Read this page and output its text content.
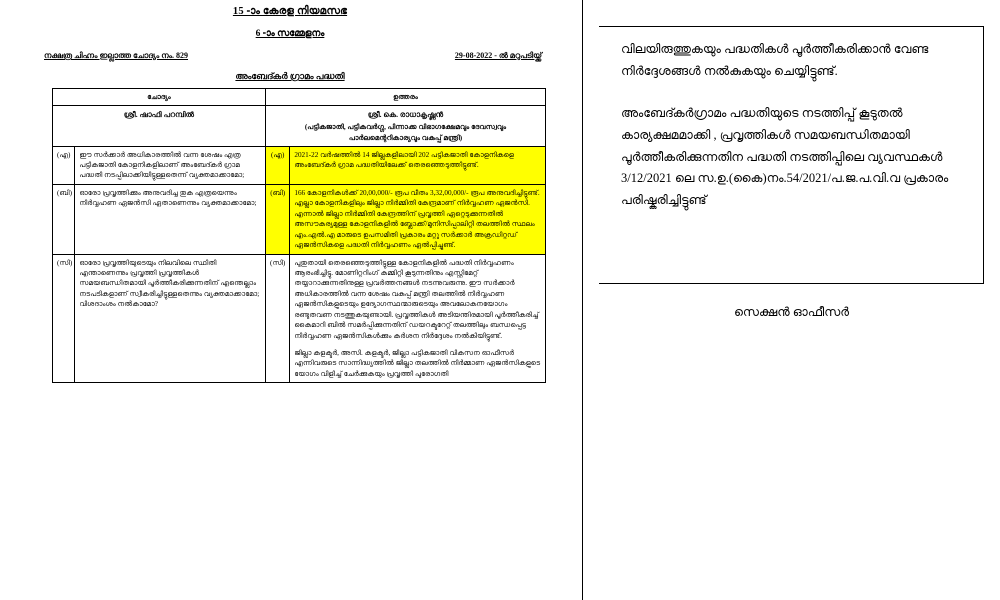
15 -ാം കേരള നിയമസഭ
6 -ാം സമ്മേളനം
നക്ഷത്ര ചിഹ്നം ഇല്ലാത്ത ചോദ്യം നം. 829	29-08-2022 - ൽ മറുപടിയ്ക്ക്
അംബേദ്കർ ഗ്രാമം പദ്ധതി
ചോദ്യം		ഉത്തരം	

ശ്രീ. ഷാഫി പറമ്പിൽ		ശ്രീ. കെ. രാധാകൃഷ്ണൻ
(പട്ടികജാതി, പട്ടികവർഗ്ഗ, പിന്നാക്ക വിഭാഗക്ഷേമവും ദേവസ്വവും പാർലമെന്ററികാര്യവും വകുപ്പ് മന്ത്രി)	

(എ)	ഈ സർക്കാർ അധികാരത്തിൽ വന്ന ശേഷം എത്ര പട്ടികജാതി കോളനികളിലാണ് അംബേദ്കർ ഗ്രാമ പദ്ധതി നടപ്പിലാക്കിയിട്ടുള്ളതെന്ന് വ്യക്തമാക്കാമോ;	(എ)	2021-22 വർഷത്തിൽ 14 ജില്ലകളിലായി 202 പട്ടികജാതി കോളനികളെ അംബേദ്കർ ഗ്രാമ പദ്ധതിയിലേക്ക് തെരഞ്ഞെടുത്തിട്ടുണ്ട്.

(ബി)	ഓരോ പ്രവൃത്തിക്കും അനുവദിച്ച തുക എത്രയെന്നും നിർവ്വഹണ ഏജൻസി ഏതാണെന്നും വ്യക്തമാക്കാമോ;	(ബി)	166 കോളനികൾക്ക് 20,00,000/- രൂപ വീതം 3,32,00,000/- രൂപ അനുവദിച്ചിട്ടുണ്ട്. എല്ലാ കോളനികളിലും ജില്ലാ നിർമ്മിതി കേന്ദ്രമാണ് നിർവ്വഹണ ഏജൻസി. എന്നാൽ ജില്ലാ നിർമ്മിതി കേന്ദ്രത്തിന് പ്രവൃത്തി ഏറ്റെടുക്കുന്നതിൽ അസൗകര്യമുള്ള കോളനികളിൽ ബ്ലോക്ക്/മുനിസിപ്പാലിറ്റി തലത്തിൽ സ്ഥലം എം.എൽ.എ മാരുടെ ഉപസമിതി പ്രകാരം മറ്റു സർക്കാർ അക്രഡിറ്റഡ് ഏജൻസികളെ പദ്ധതി നിർവ്വഹണം ഏൽപ്പിച്ചുണ്ട്.

(സി)	ഓരോ പ്രവൃത്തിയുടെയും നിലവിലെ സ്ഥിതി എന്താണെന്നും പ്രവൃത്തി പ്രവൃത്തികൾ സമയബന്ധിതമായി പൂർത്തീകരിക്കുന്നതിന് എന്തെല്ലാം നടപടികളാണ് സ്വീകരിച്ചിട്ടുള്ളതെന്നും വ്യക്തമാക്കാമോ; വിശദാംശം നൽകാമോ?	(സി)	പുതുതായി തെരഞ്ഞെടുത്തിട്ടുള്ള കോളനികളിൽ പദ്ധതി നിർവ്വഹണം ആരംഭിച്ചിട്ടു. മോണിറ്ററിംഗ് കമ്മിറ്റി കൂടുന്നതിനും എസ്റ്റിമേറ്റ് തയ്യാറാക്കുന്നതിനുള്ള പ്രവർത്തനങ്ങൾ നടന്നുവരുന്നു. ഈ സർക്കാർ അധികാരത്തിൽ വന്ന ശേഷം വകുപ്പ് മന്ത്രി തലത്തിൽ നിർവ്വഹണ ഏജൻസികളുടെയും ഉദ്യോഗസ്ഥന്മാരുടെയും അവലോകനയോഗം രണ്ടുതവണ നടത്തുകയുണ്ടായി. പ്രവൃത്തികൾ അടിയന്തിരമായി പൂർത്തീകരിച്ച് കൈമാറി ബിൽ സമർപ്പിക്കുന്നതിന് ഡയറക്ടറേറ്റ് തലത്തിലും ബന്ധപ്പെട്ട നിർവ്വഹണ ഏജൻസികൾക്കും കർശന നിർദ്ദേശം നൽകിയിട്ടുണ്ട്.

ജില്ലാ കളക്ടർ, അസി. കളക്ടർ, ജില്ലാ പട്ടികജാതി വികസന ഓഫീസർ എന്നിവരുടെ സാന്നിദ്ധ്യത്തിൽ ജില്ലാ തലത്തിൽ നിർമ്മാണ ഏജൻസികളുടെ യോഗം വിളിച്ച് ചേർക്കുകയും പ്രവൃത്തി പുരോഗതി

വിലയിരുത്തുകയും പദ്ധതികൾ പൂർത്തീകരിക്കാൻ വേണ്ട നിർദ്ദേശങ്ങൾ നൽകുകയും ചെയ്യിട്ടുണ്ട്.

അംബേദ്കർഗ്രാമം പദ്ധതിയുടെ നടത്തിപ്പ് കൂടുതൽ കാര്യക്ഷമമാക്കി , പ്രവൃത്തികൾ സമയബന്ധിതമായി പൂർത്തീകരിക്കുന്നതിന പദ്ധതി നടത്തിപ്പിലെ വ്യവസ്ഥകൾ 3/12/2021 ലെ സ.ഉ.(കൈ)നം.54/2021/പ.ജ.പ.വി.വ പ്രകാരം പരിഷ്കരിച്ചിട്ടുണ്ട്

സെക്ഷൻ ഓഫീസർ
